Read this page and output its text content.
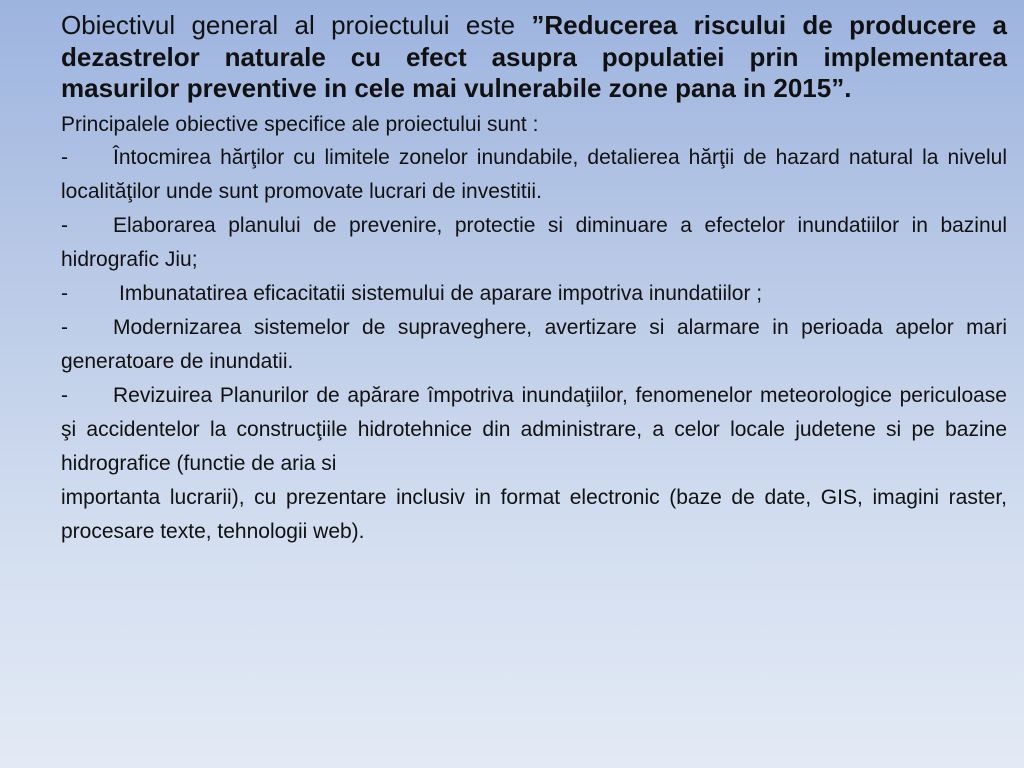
Obiectivul general al proiectului este ”Reducerea riscului de producere a dezastrelor naturale cu efect asupra populatiei prin implementarea masurilor preventive in cele mai vulnerabile zone pana in 2015”.

Principalele obiective specifice ale proiectului sunt :

- Întocmirea hărţilor cu limitele zonelor inundabile, detalierea hărţii de hazard natural la nivelul localităţilor unde sunt promovate lucrari de investitii.

- Elaborarea planului de prevenire, protectie si diminuare a efectelor inundatiilor in bazinul hidrografic Jiu;

- Imbunatatirea eficacitatii sistemului de aparare impotriva inundatiilor ;

- Modernizarea sistemelor de supraveghere, avertizare si alarmare in perioada apelor mari generatoare de inundatii.

- Revizuirea Planurilor de apărare împotriva inundaţiilor, fenomenelor meteorologice periculoase şi accidentelor la construcţiile hidrotehnice din administrare, a celor locale judetene si pe bazine hidrografice (functie de aria si

importanta lucrarii), cu prezentare inclusiv in format electronic (baze de date, GIS, imagini raster, procesare texte, tehnologii web).
